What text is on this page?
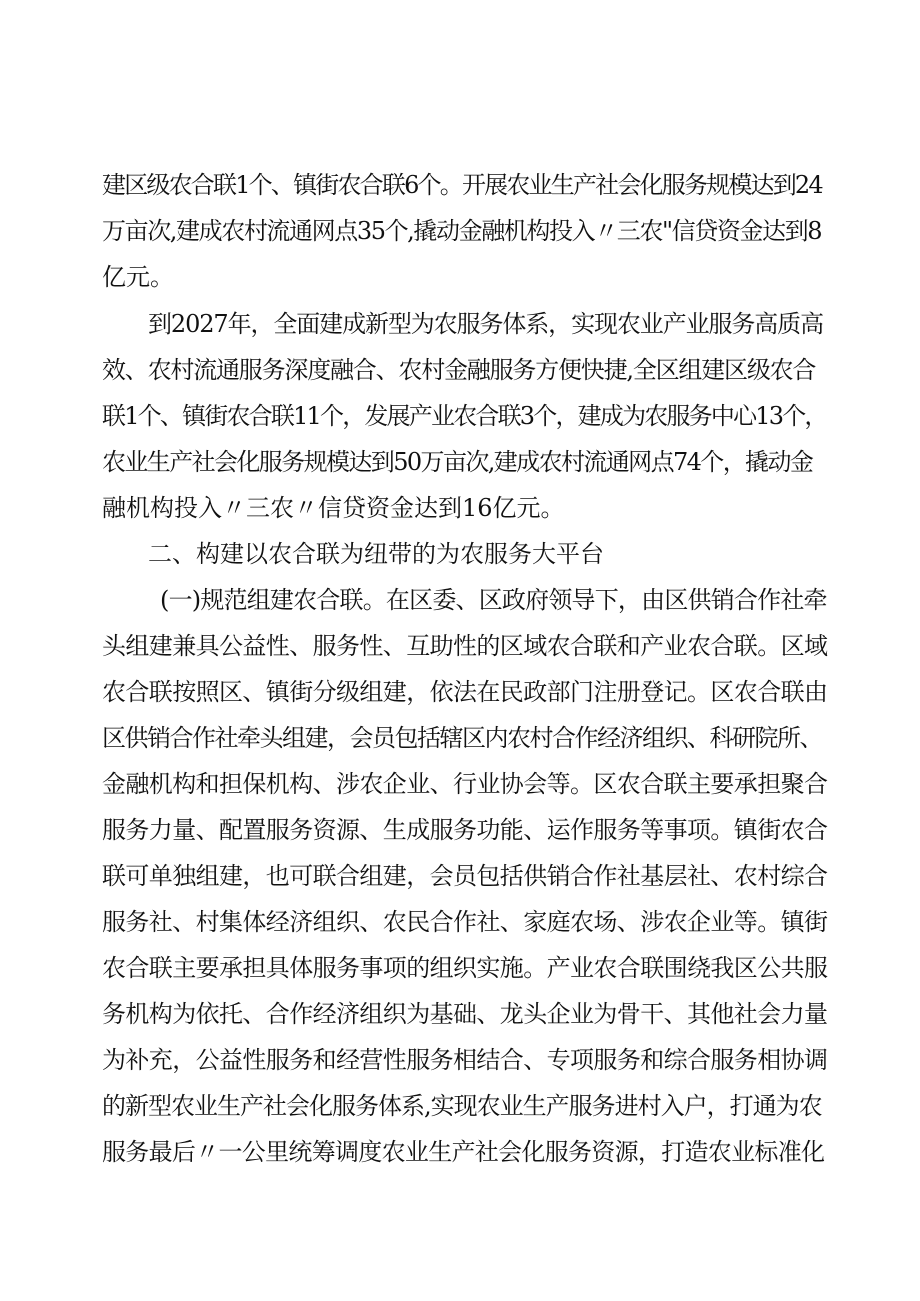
建区级农合联1个、镇街农合联6个。开展农业生产社会化服务规模达到24
万亩次,建成农村流通网点35个,撬动金融机构投入〃三农"信贷资金达到8
亿元。
到2027年，全面建成新型为农服务体系，实现农业产业服务高质高
效、农村流通服务深度融合、农村金融服务方便快捷,全区组建区级农合
联1个、镇街农合联11个，发展产业农合联3个，建成为农服务中心13个，
农业生产社会化服务规模达到50万亩次,建成农村流通网点74个，撬动金
融机构投入〃三农〃信贷资金达到16亿元。
二、构建以农合联为纽带的为农服务大平台
(一)规范组建农合联。在区委、区政府领导下，由区供销合作社牵
头组建兼具公益性、服务性、互助性的区域农合联和产业农合联。区域
农合联按照区、镇街分级组建，依法在民政部门注册登记。区农合联由
区供销合作社牵头组建，会员包括辖区内农村合作经济组织、科研院所、
金融机构和担保机构、涉农企业、行业协会等。区农合联主要承担聚合
服务力量、配置服务资源、生成服务功能、运作服务等事项。镇街农合
联可单独组建，也可联合组建，会员包括供销合作社基层社、农村综合
服务社、村集体经济组织、农民合作社、家庭农场、涉农企业等。镇街
农合联主要承担具体服务事项的组织实施。产业农合联围绕我区公共服
务机构为依托、合作经济组织为基础、龙头企业为骨干、其他社会力量
为补充，公益性服务和经营性服务相结合、专项服务和综合服务相协调
的新型农业生产社会化服务体系,实现农业生产服务进村入户，打通为农
服务最后〃一公里统筹调度农业生产社会化服务资源，打造农业标准化
